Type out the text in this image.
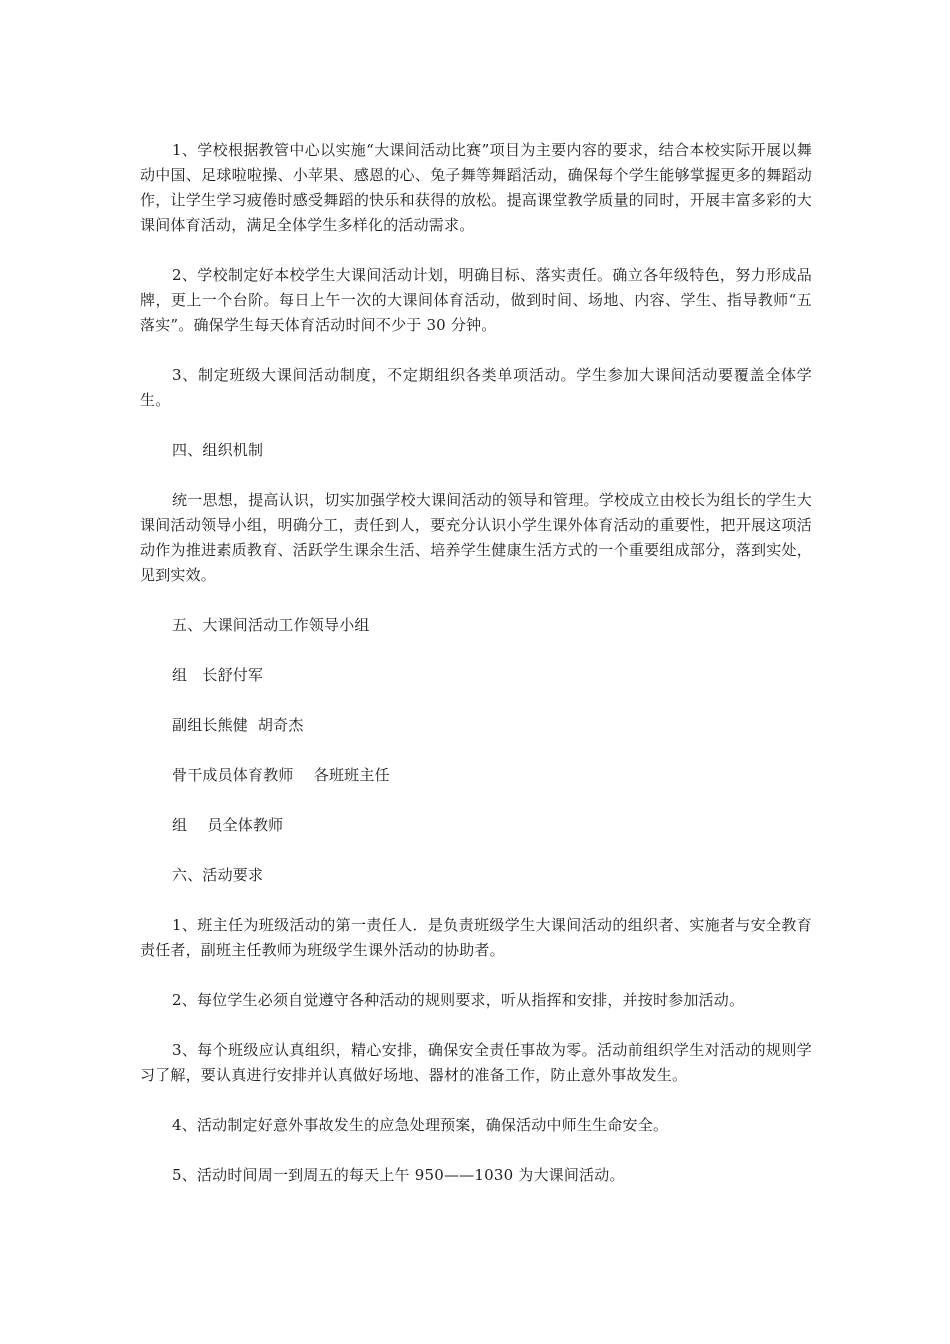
1、学校根据教管中心以实施“大课间活动比赛”项目为主要内容的要求，结合本校实际开展以舞动中国、足球啦啦操、小苹果、感恩的心、兔子舞等舞蹈活动，确保每个学生能够掌握更多的舞蹈动作，让学生学习疲倦时感受舞蹈的快乐和获得的放松。提高课堂教学质量的同时，开展丰富多彩的大课间体育活动，满足全体学生多样化的活动需求。

2、学校制定好本校学生大课间活动计划，明确目标、落实责任。确立各年级特色，努力形成品牌，更上一个台阶。每日上午一次的大课间体育活动，做到时间、场地、内容、学生、指导教师“五落实”。确保学生每天体育活动时间不少于 30 分钟。

3、制定班级大课间活动制度，不定期组织各类单项活动。学生参加大课间活动要覆盖全体学生。

四、组织机制

统一思想，提高认识，切实加强学校大课间活动的领导和管理。学校成立由校长为组长的学生大课间活动领导小组，明确分工，责任到人，要充分认识小学生课外体育活动的重要性，把开展这项活动作为推进素质教育、活跃学生课余生活、培养学生健康生活方式的一个重要组成部分，落到实处，见到实效。

五、大课间活动工作领导小组

组　长舒付军

副组长熊健  胡奇杰

骨干成员体育教师　 各班班主任

组　 员全体教师

六、活动要求

1、班主任为班级活动的第一责任人．是负责班级学生大课间活动的组织者、实施者与安全教育责任者，副班主任教师为班级学生课外活动的协助者。

2、每位学生必须自觉遵守各种活动的规则要求，听从指挥和安排，并按时参加活动。

3、每个班级应认真组织，精心安排，确保安全责任事故为零。活动前组织学生对活动的规则学习了解，要认真进行安排并认真做好场地、器材的准备工作，防止意外事故发生。

4、活动制定好意外事故发生的应急处理预案，确保活动中师生生命安全。

5、活动时间周一到周五的每天上午 950——1030 为大课间活动。
